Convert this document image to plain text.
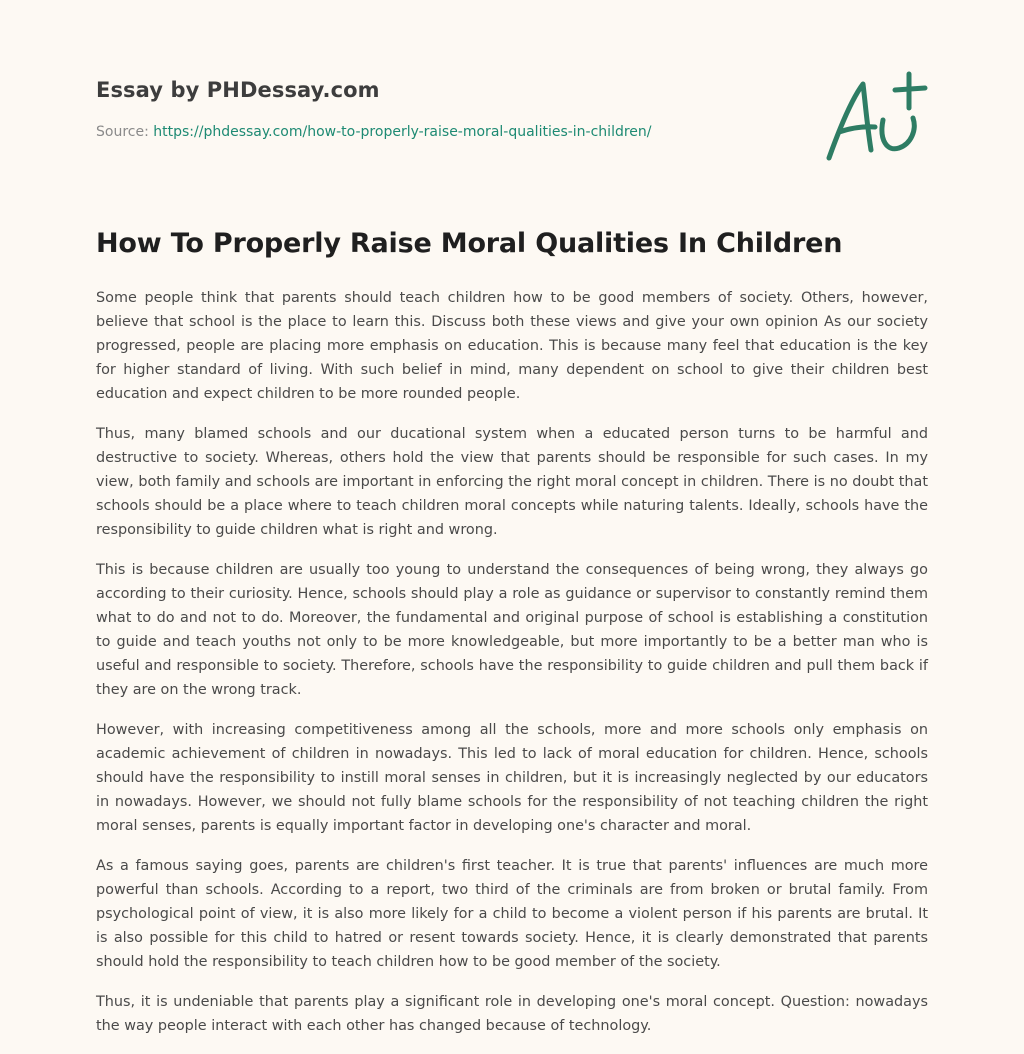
Essay by PHDessay.com
Source: https://phdessay.com/how-to-properly-raise-moral-qualities-in-children/
How To Properly Raise Moral Qualities In Children

Some people think that parents should teach children how to be good members of society. Others, however, believe that school is the place to learn this. Discuss both these views and give your own opinion As our society progressed, people are placing more emphasis on education. This is because many feel that education is the key for higher standard of living. With such belief in mind, many dependent on school to give their children best education and expect children to be more rounded people.

Thus, many blamed schools and our ducational system when a educated person turns to be harmful and destructive to society. Whereas, others hold the view that parents should be responsible for such cases. In my view, both family and schools are important in enforcing the right moral concept in children. There is no doubt that schools should be a place where to teach children moral concepts while naturing talents. Ideally, schools have the responsibility to guide children what is right and wrong.

This is because children are usually too young to understand the consequences of being wrong, they always go according to their curiosity. Hence, schools should play a role as guidance or supervisor to constantly remind them what to do and not to do. Moreover, the fundamental and original purpose of school is establishing a constitution to guide and teach youths not only to be more knowledgeable, but more importantly to be a better man who is useful and responsible to society. Therefore, schools have the responsibility to guide children and pull them back if they are on the wrong track.

However, with increasing competitiveness among all the schools, more and more schools only emphasis on academic achievement of children in nowadays. This led to lack of moral education for children. Hence, schools should have the responsibility to instill moral senses in children, but it is increasingly neglected by our educators in nowadays. However, we should not fully blame schools for the responsibility of not teaching children the right moral senses, parents is equally important factor in developing one's character and moral.

As a famous saying goes, parents are children's first teacher. It is true that parents' influences are much more powerful than schools. According to a report, two third of the criminals are from broken or brutal family. From psychological point of view, it is also more likely for a child to become a violent person if his parents are brutal. It is also possible for this child to hatred or resent towards society. Hence, it is clearly demonstrated that parents should hold the responsibility to teach children how to be good member of the society.

Thus, it is undeniable that parents play a significant role in developing one's moral concept. Question: nowadays the way people interact with each other has changed because of technology.
